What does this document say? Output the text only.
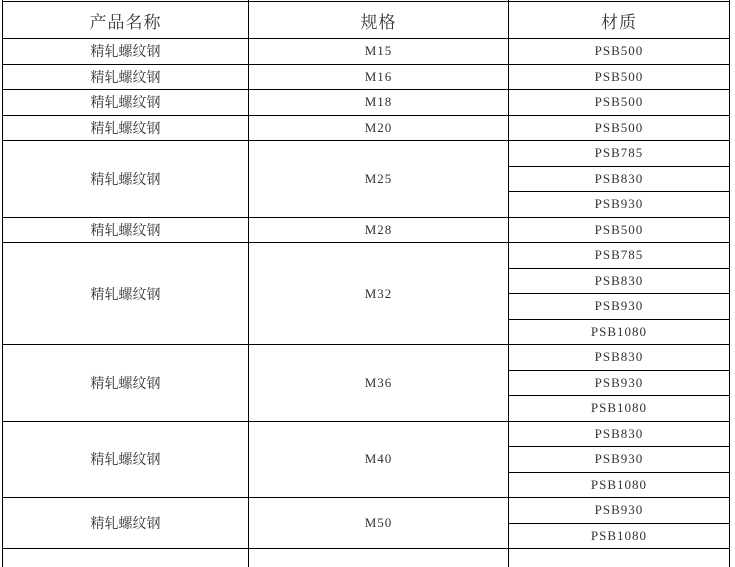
产品名称	规格	材质
精轧螺纹钢	M15	PSB500
精轧螺纹钢	M16	PSB500
精轧螺纹钢	M18	PSB500
精轧螺纹钢	M20	PSB500
精轧螺纹钢	M25	PSB785
		PSB830
		PSB930
精轧螺纹钢	M28	PSB500
精轧螺纹钢	M32	PSB785
		PSB830
		PSB930
		PSB1080
精轧螺纹钢	M36	PSB830
		PSB930
		PSB1080
精轧螺纹钢	M40	PSB830
		PSB930
		PSB1080
精轧螺纹钢	M50	PSB930
		PSB1080
